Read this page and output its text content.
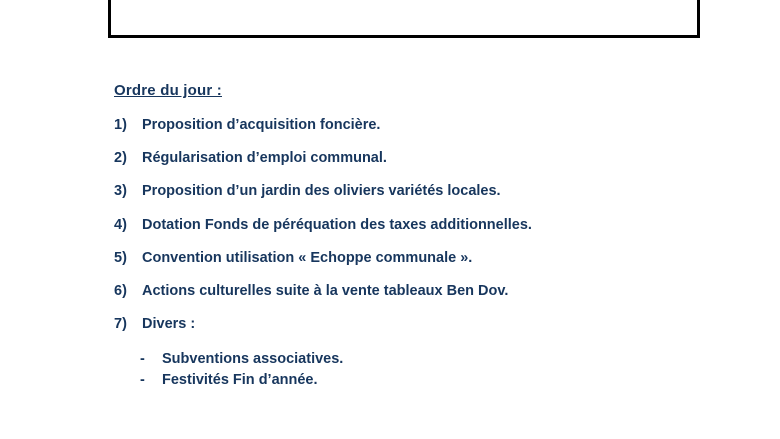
Ordre du jour :
1)	Proposition d’acquisition foncière.
2)	Régularisation d’emploi communal.
3)	Proposition d’un jardin des oliviers variétés locales.
4)	Dotation Fonds de péréquation des taxes additionnelles.
5)	Convention utilisation « Echoppe communale ».
6)	Actions culturelles suite à la vente tableaux Ben Dov.
7)	Divers :
-	Subventions associatives.
-	Festivités Fin d’année.
